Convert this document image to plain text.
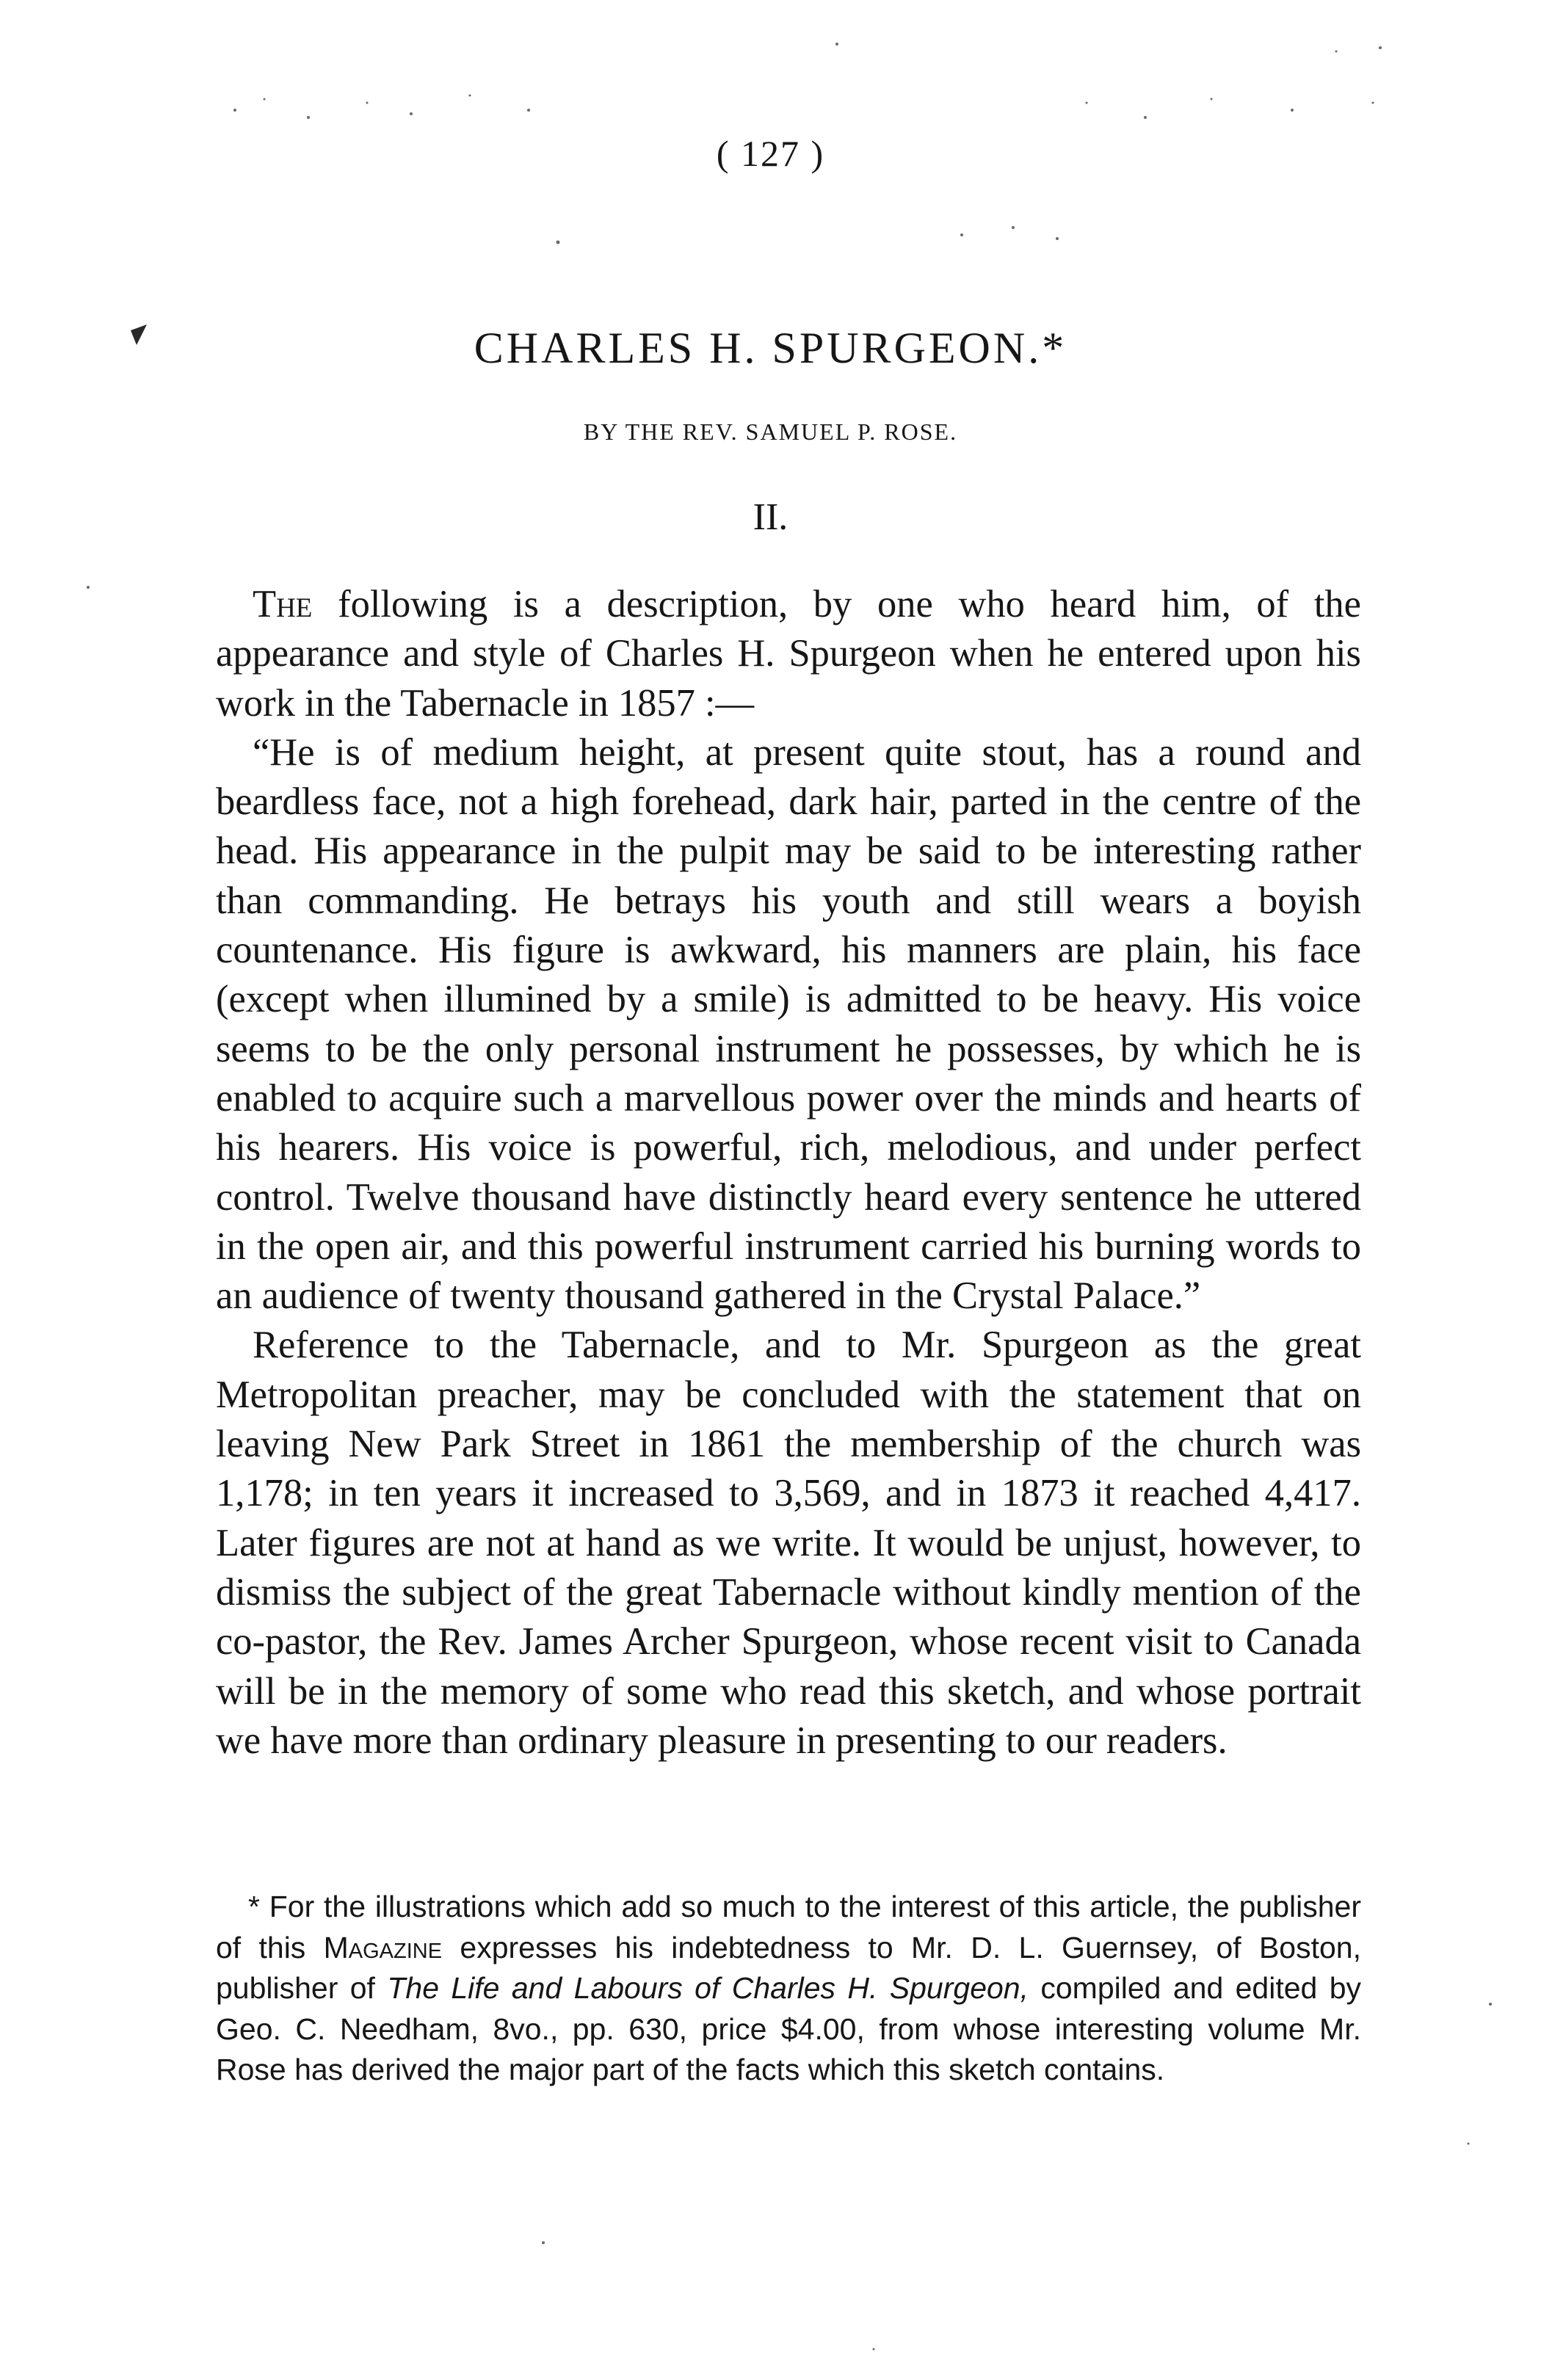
( 127 )
CHARLES H. SPURGEON.*
BY THE REV. SAMUEL P. ROSE.
II.

The following is a description, by one who heard him, of the appearance and style of Charles H. Spurgeon when he entered upon his work in the Tabernacle in 1857 :—

“He is of medium height, at present quite stout, has a round and beardless face, not a high forehead, dark hair, parted in the centre of the head. His appearance in the pulpit may be said to be interesting rather than commanding. He betrays his youth and still wears a boyish countenance. His figure is awkward, his manners are plain, his face (except when illumined by a smile) is admitted to be heavy. His voice seems to be the only personal instrument he possesses, by which he is enabled to acquire such a marvellous power over the minds and hearts of his hearers. His voice is powerful, rich, melodious, and under perfect control. Twelve thousand have distinctly heard every sentence he uttered in the open air, and this powerful instrument carried his burning words to an audience of twenty thousand gathered in the Crystal Palace.”

Reference to the Tabernacle, and to Mr. Spurgeon as the great Metropolitan preacher, may be concluded with the statement that on leaving New Park Street in 1861 the membership of the church was 1,178; in ten years it increased to 3,569, and in 1873 it reached 4,417. Later figures are not at hand as we write. It would be unjust, however, to dismiss the subject of the great Tabernacle without kindly mention of the co-pastor, the Rev. James Archer Spurgeon, whose recent visit to Canada will be in the memory of some who read this sketch, and whose portrait we have more than ordinary pleasure in presenting to our readers.

* For the illustrations which add so much to the interest of this article, the publisher of this Magazine expresses his indebtedness to Mr. D. L. Guernsey, of Boston, publisher of The Life and Labours of Charles H. Spurgeon, compiled and edited by Geo. C. Needham, 8vo., pp. 630, price $4.00, from whose interesting volume Mr. Rose has derived the major part of the facts which this sketch contains.
